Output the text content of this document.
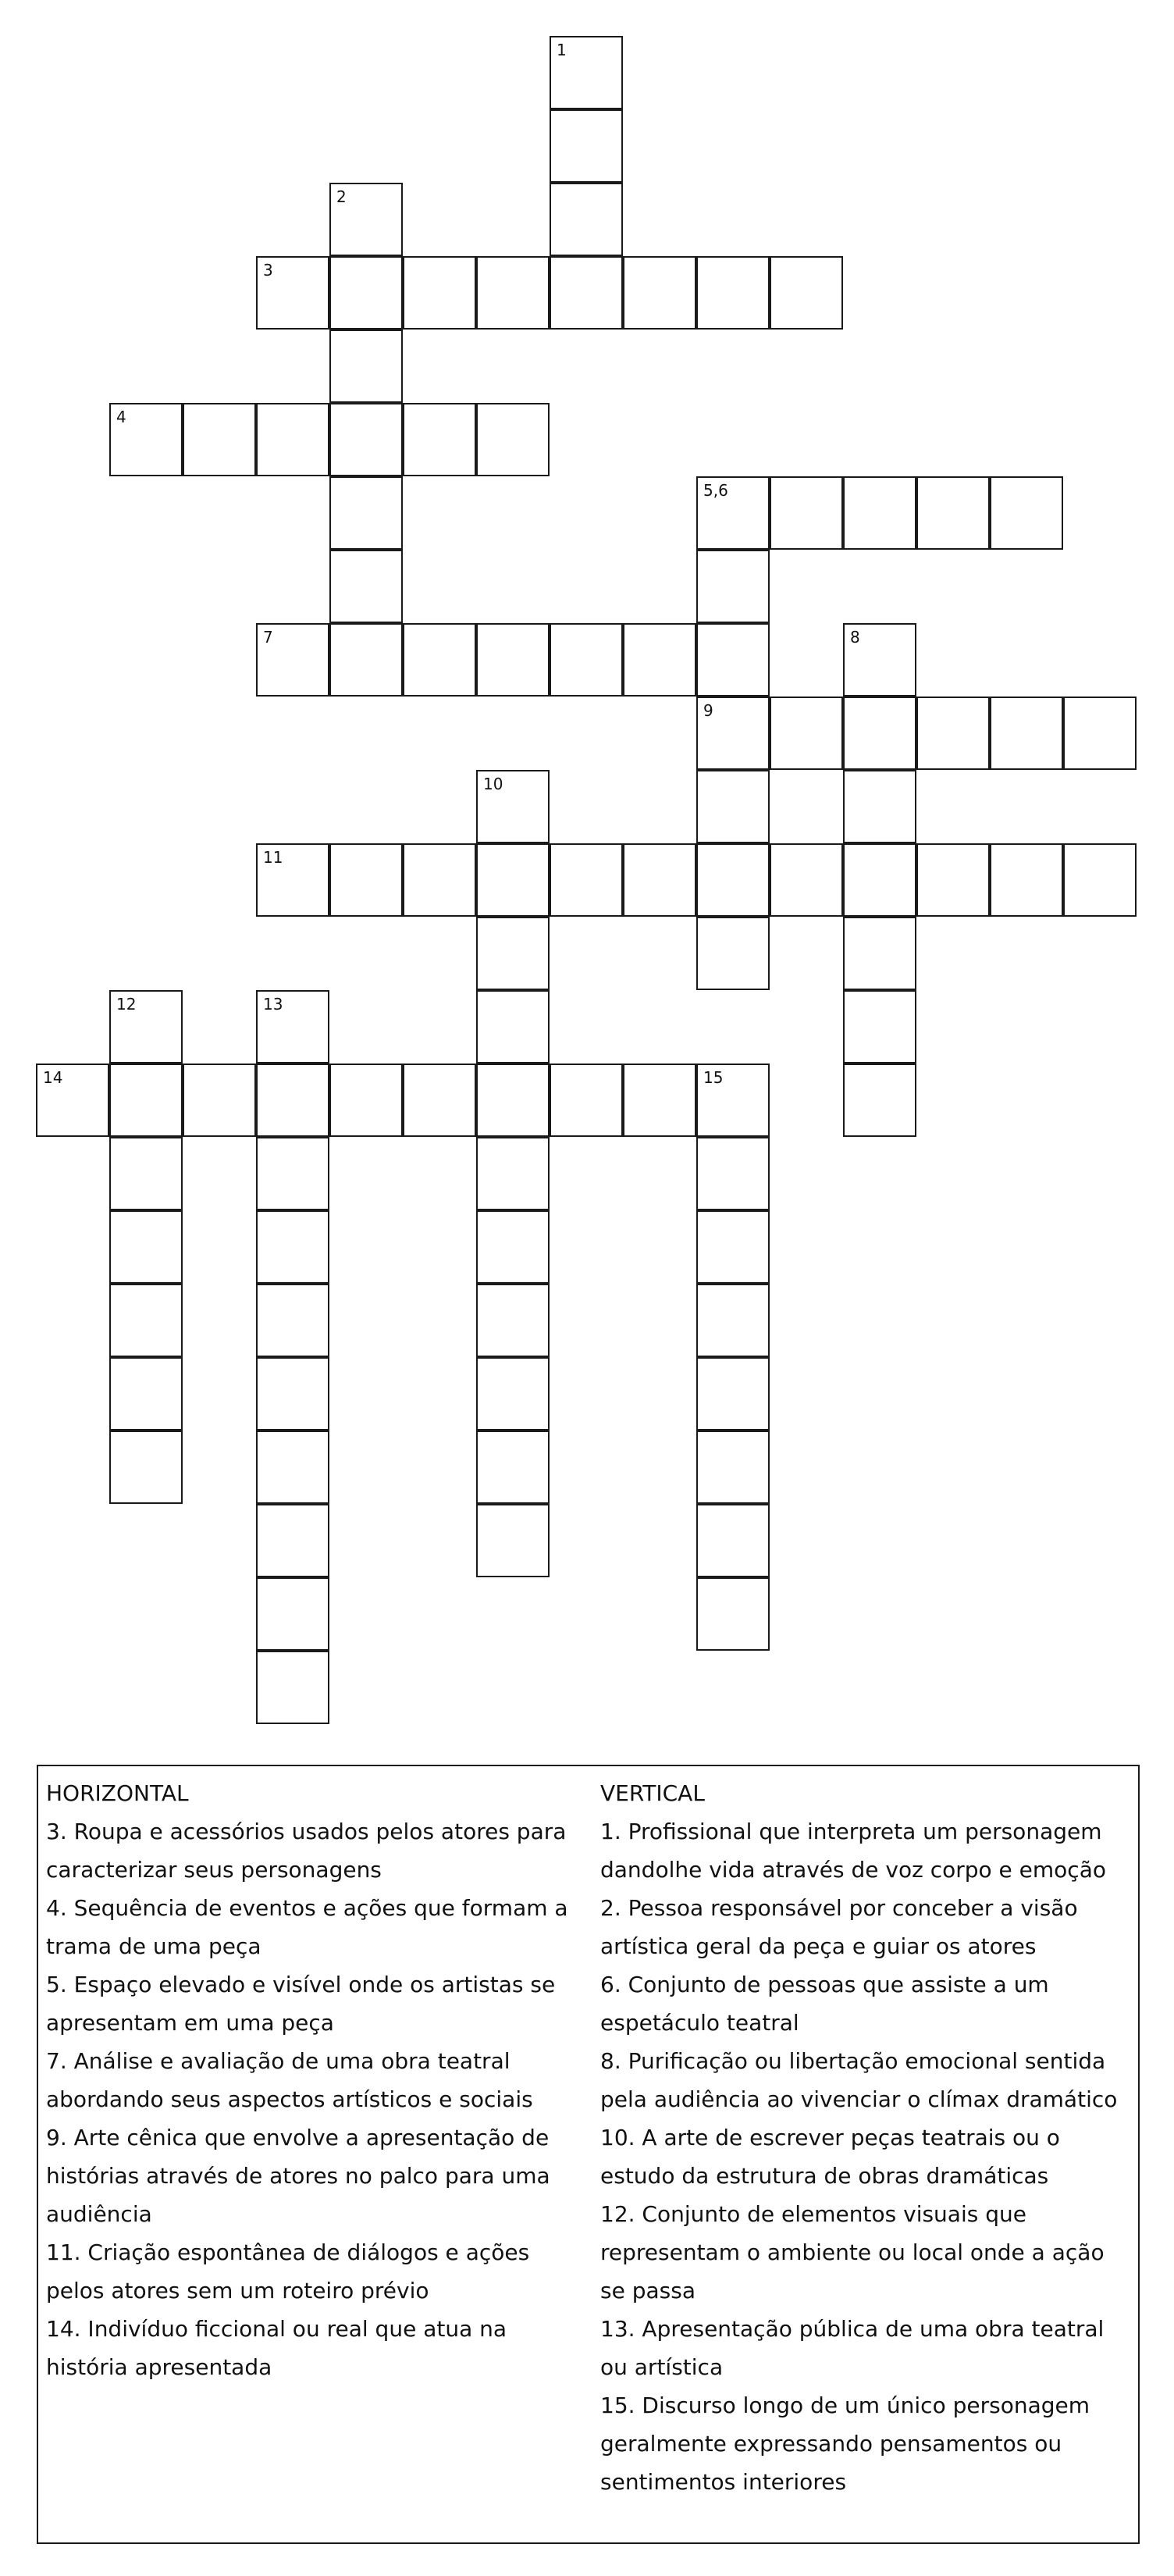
1
2
3
4
5,6
9
7	8
10
11
12	13
14	15

HORIZONTAL

3. Roupa e acessórios usados pelos atores para caracterizar seus personagens

4. Sequência de eventos e ações que formam a trama de uma peça

5. Espaço elevado e visível onde os artistas se apresentam em uma peça

7. Análise e avaliação de uma obra teatral abordando seus aspectos artísticos e sociais

9. Arte cênica que envolve a apresentação de histórias através de atores no palco para uma audiência

11. Criação espontânea de diálogos e ações pelos atores sem um roteiro prévio

14. Indivíduo ficcional ou real que atua na história apresentada

VERTICAL

1. Profissional que interpreta um personagem dandolhe vida através de voz corpo e emoção

2. Pessoa responsável por conceber a visão artística geral da peça e guiar os atores

6. Conjunto de pessoas que assiste a um espetáculo teatral

8. Purificação ou libertação emocional sentida pela audiência ao vivenciar o clímax dramático

10. A arte de escrever peças teatrais ou o estudo da estrutura de obras dramáticas

12. Conjunto de elementos visuais que representam o ambiente ou local onde a ação se passa

13. Apresentação pública de uma obra teatral ou artística

15. Discurso longo de um único personagem geralmente expressando pensamentos ou sentimentos interiores
